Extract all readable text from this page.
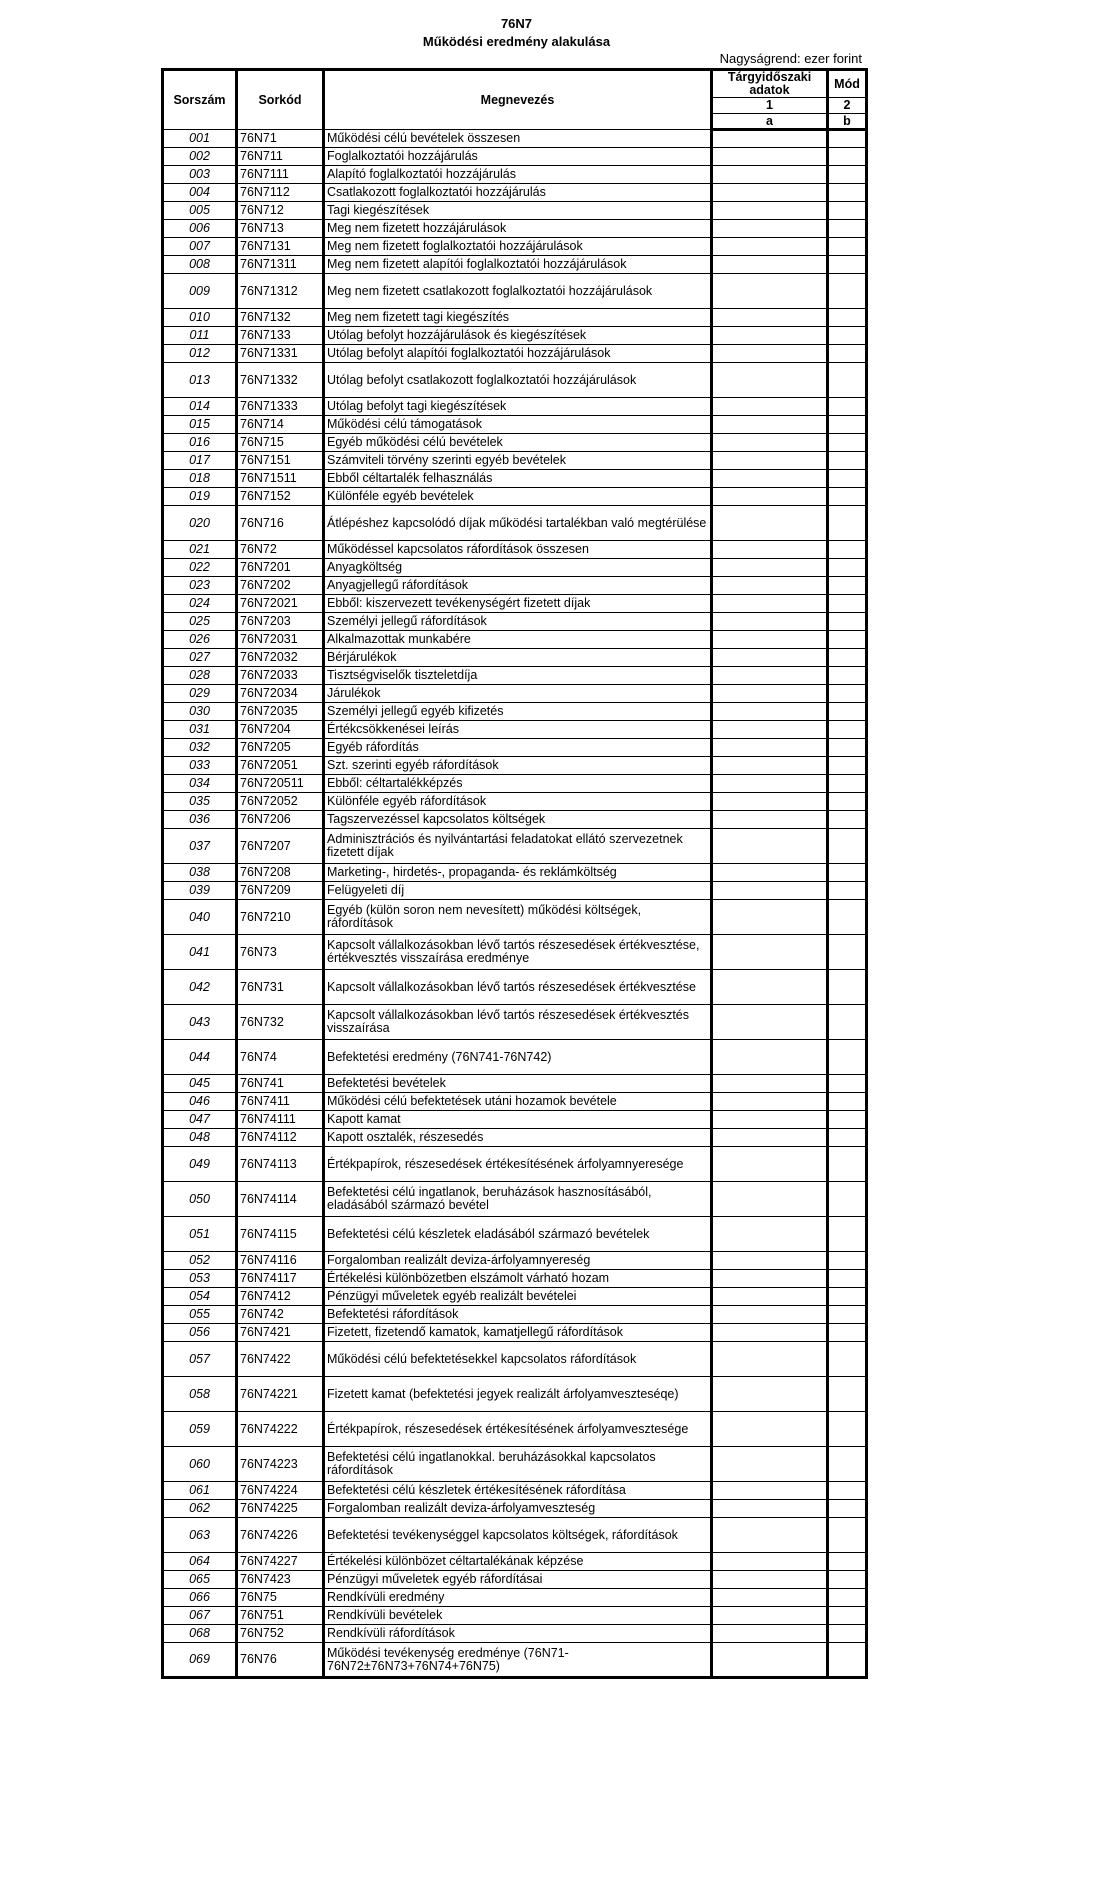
76N7
Működési eredmény alakulása
Nagyságrend: ezer forint
Sorszám	Sorkód	Megnevezés	Tárgyidőszaki adatok	Mód
			1	2
			a	b
001	76N71	Működési célú bevételek összesen		
002	76N711	Foglalkoztatói hozzájárulás		
003	76N7111	Alapító foglalkoztatói hozzájárulás		
004	76N7112	Csatlakozott foglalkoztatói hozzájárulás		
005	76N712	Tagi kiegészítések		
006	76N713	Meg nem fizetett hozzájárulások		
007	76N7131	Meg nem fizetett foglalkoztatói hozzájárulások		
008	76N71311	Meg nem fizetett alapítói foglalkoztatói hozzájárulások		
009	76N71312	Meg nem fizetett csatlakozott foglalkoztatói hozzájárulások		
010	76N7132	Meg nem fizetett tagi kiegészítés		
011	76N7133	Utólag befolyt hozzájárulások és kiegészítések		
012	76N71331	Utólag befolyt alapítói foglalkoztatói hozzájárulások		
013	76N71332	Utólag befolyt csatlakozott foglalkoztatói hozzájárulások		
014	76N71333	Utólag befolyt tagi kiegészítések		
015	76N714	Működési célú támogatások		
016	76N715	Egyéb működési célú bevételek		
017	76N7151	Számviteli törvény szerinti egyéb bevételek		
018	76N71511	Ebből céltartalék felhasználás		
019	76N7152	Különféle egyéb bevételek		
020	76N716	Átlépéshez kapcsolódó díjak működési tartalékban való megtérülése		
021	76N72	Működéssel kapcsolatos ráfordítások összesen		
022	76N7201	Anyagköltség		
023	76N7202	Anyagjellegű ráfordítások		
024	76N72021	Ebből: kiszervezett tevékenységért fizetett díjak		
025	76N7203	Személyi jellegű ráfordítások		
026	76N72031	Alkalmazottak munkabére		
027	76N72032	Bérjárulékok		
028	76N72033	Tisztségviselők tiszteletdíja		
029	76N72034	Járulékok		
030	76N72035	Személyi jellegű egyéb kifizetés		
031	76N7204	Értékcsökkenései leírás		
032	76N7205	Egyéb ráfordítás		
033	76N72051	Szt. szerinti egyéb ráfordítások		
034	76N720511	Ebből: céltartalékképzés		
035	76N72052	Különféle egyéb ráfordítások		
036	76N7206	Tagszervezéssel kapcsolatos költségek		
037	76N7207	Adminisztrációs és nyilvántartási feladatokat ellátó szervezetnek fizetett díjak		
038	76N7208	Marketing-, hirdetés-, propaganda- és reklámköltség		
039	76N7209	Felügyeleti díj		
040	76N7210	Egyéb (külön soron nem nevesített) működési költségek, ráfordítások		
041	76N73	Kapcsolt vállalkozásokban lévő tartós részesedések értékvesztése, értékvesztés visszaírása eredménye		
042	76N731	Kapcsolt vállalkozásokban lévő tartós részesedések értékvesztése		
043	76N732	Kapcsolt vállalkozásokban lévő tartós részesedések értékvesztés visszaírása		
044	76N74	Befektetési eredmény (76N741-76N742)		
045	76N741	Befektetési bevételek		
046	76N7411	Működési célú befektetések utáni hozamok bevétele		
047	76N74111	Kapott kamat		
048	76N74112	Kapott osztalék, részesedés		
049	76N74113	Értékpapírok, részesedések értékesítésének árfolyamnyeresége		
050	76N74114	Befektetési célú ingatlanok, beruházások hasznosításából, eladásából származó bevétel		
051	76N74115	Befektetési célú készletek eladásából származó bevételek		
052	76N74116	Forgalomban realizált deviza-árfolyamnyereség		
053	76N74117	Értékelési különbözetben elszámolt várható hozam		
054	76N7412	Pénzügyi műveletek egyéb realizált bevételei		
055	76N742	Befektetési ráfordítások		
056	76N7421	Fizetett, fizetendő kamatok, kamatjellegű ráfordítások		
057	76N7422	Működési célú befektetésekkel kapcsolatos ráfordítások		
058	76N74221	Fizetett kamat (befektetési jegyek realizált árfolyamveszteséqe)		
059	76N74222	Értékpapírok, részesedések értékesítésének árfolyamvesztesége		
060	76N74223	Befektetési célú ingatlanokkal. beruházásokkal kapcsolatos ráfordítások		
061	76N74224	Befektetési célú készletek értékesítésének ráfordítása		
062	76N74225	Forgalomban realizált deviza-árfolyamveszteség		
063	76N74226	Befektetési tevékenységgel kapcsolatos költségek, ráfordítások		
064	76N74227	Értékelési különbözet céltartalékának képzése		
065	76N7423	Pénzügyi műveletek egyéb ráfordításai		
066	76N75	Rendkívüli eredmény		
067	76N751	Rendkívüli bevételek		
068	76N752	Rendkívüli ráfordítások		
069	76N76	Működési tevékenység eredménye (76N71-76N72±76N73+76N74+76N75)		
